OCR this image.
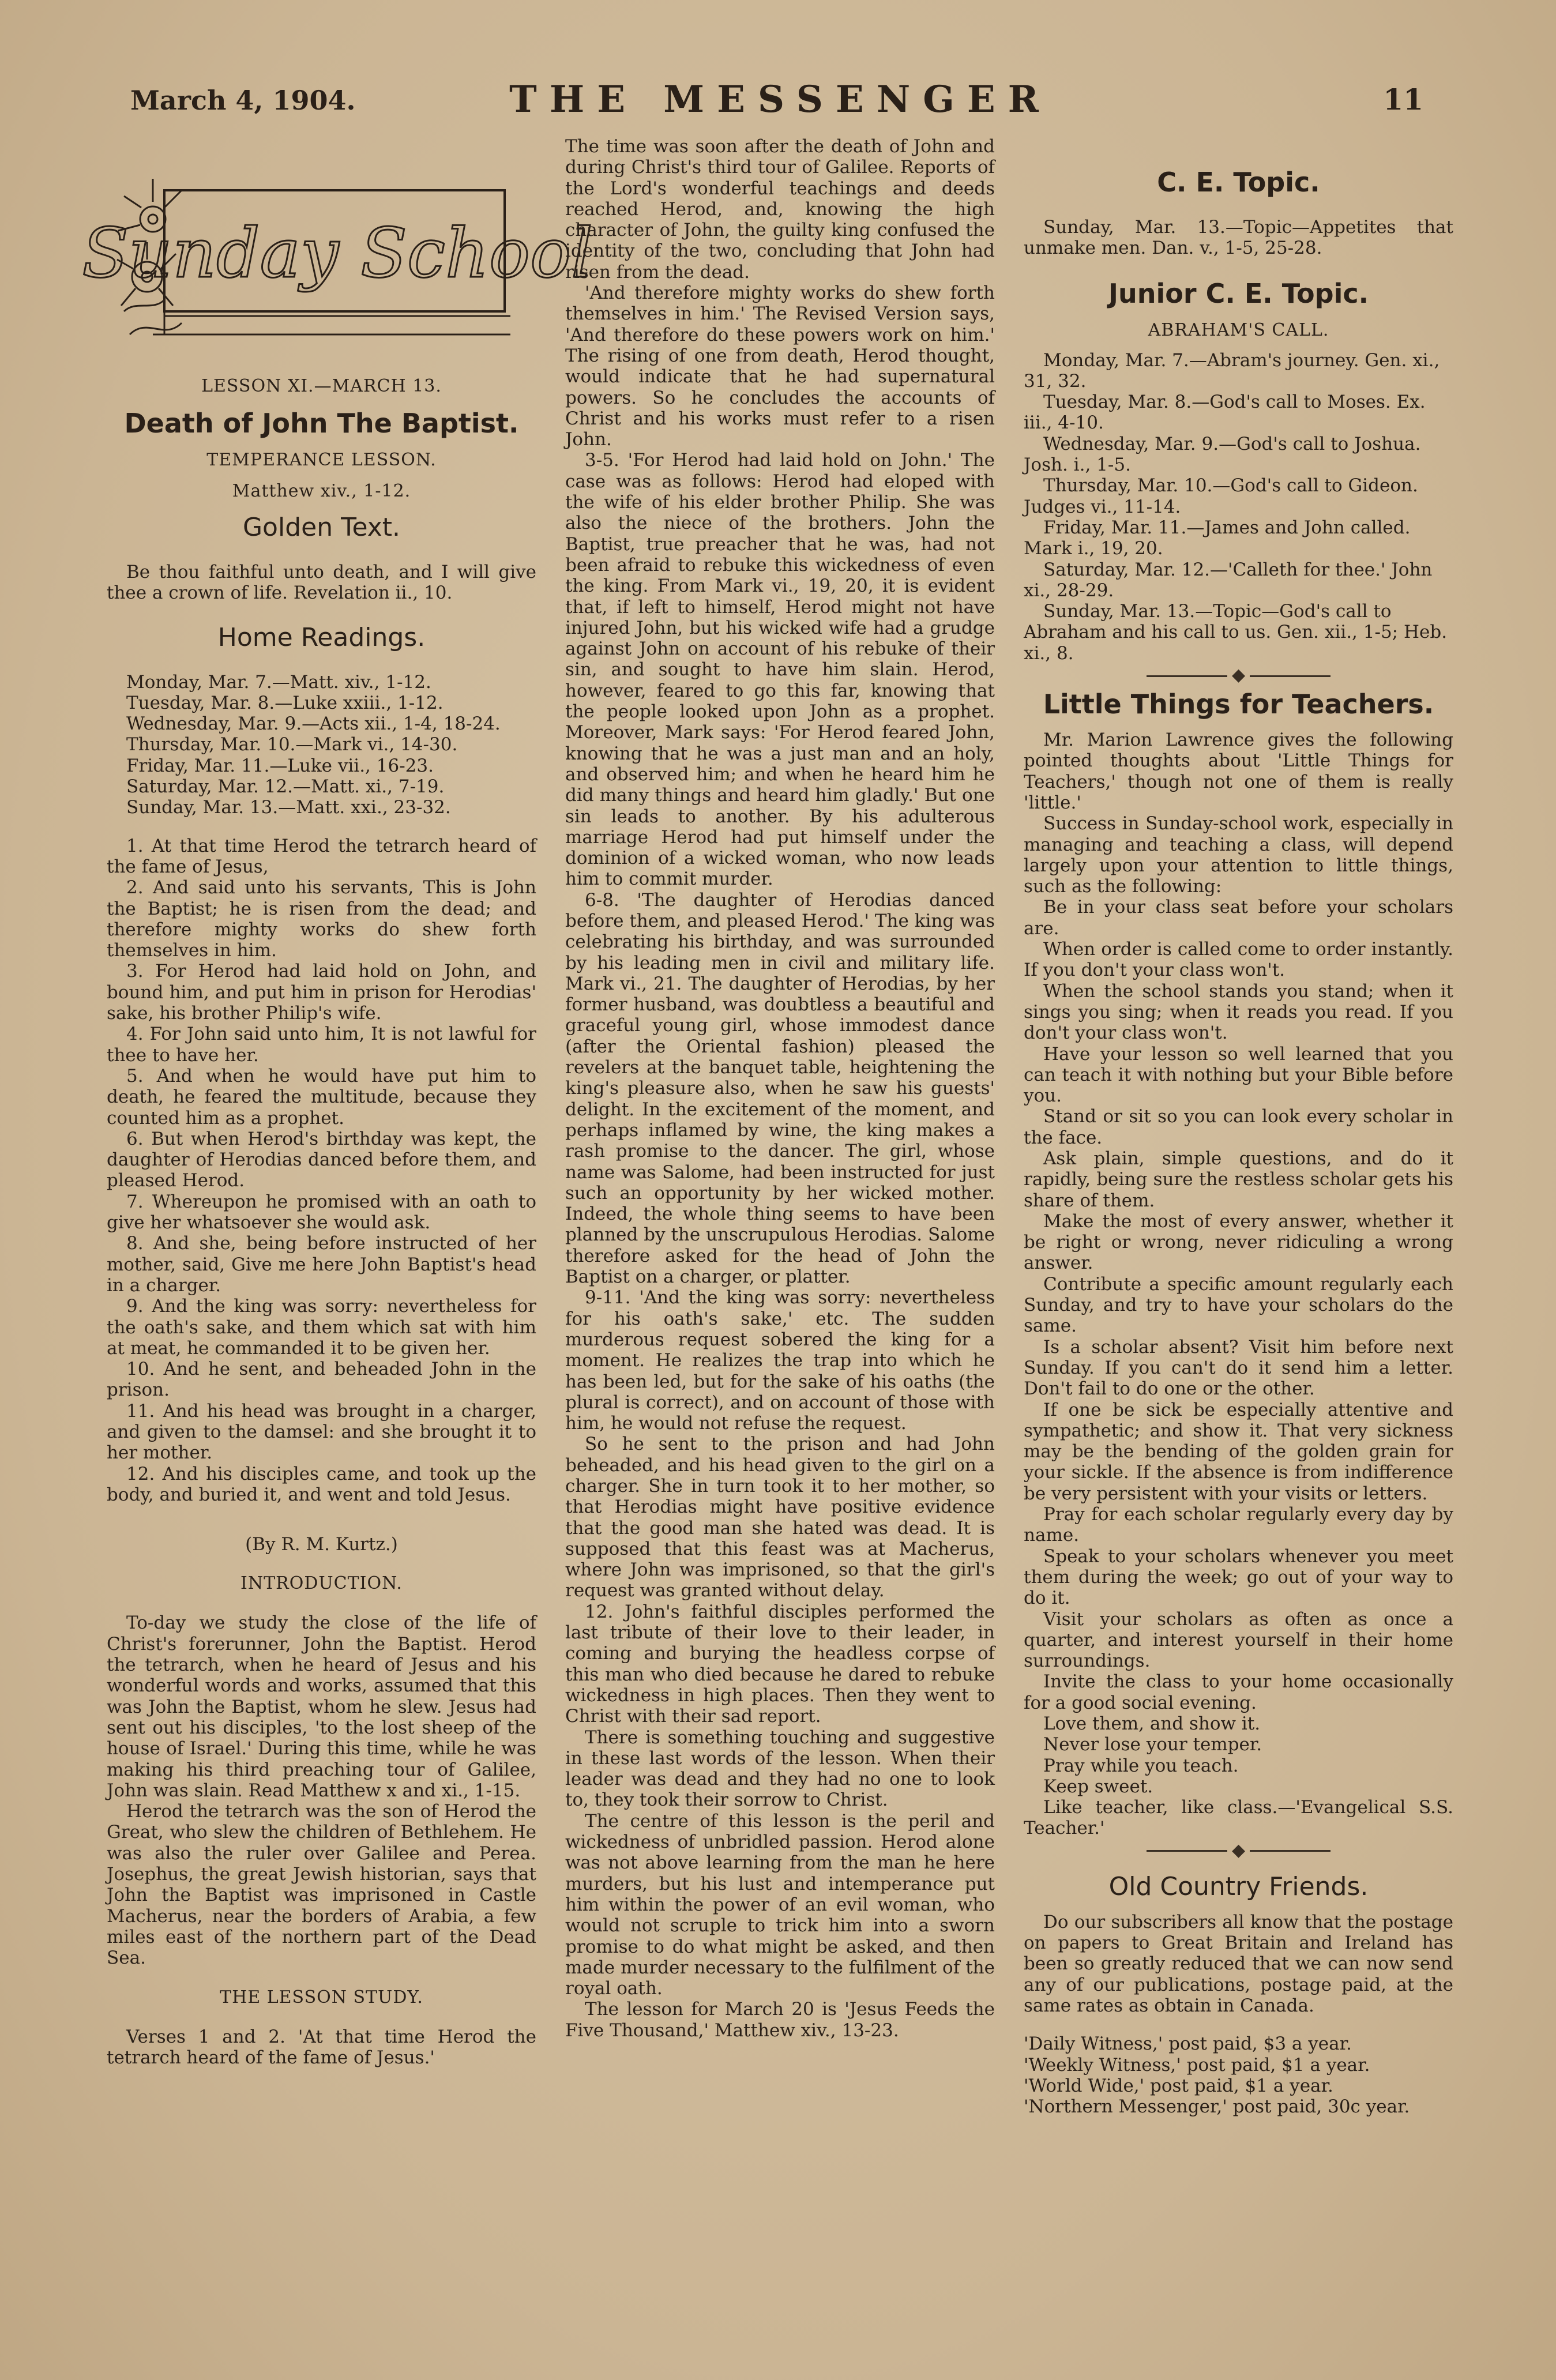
March 4, 1904.	THE MESSENGER	11
Sunday School

LESSON XI.—MARCH 13.

Death of John The Baptist.

TEMPERANCE LESSON.

Matthew xiv., 1-12.

Golden Text.

Be thou faithful unto death, and I will give thee a crown of life. Revelation ii., 10.

Home Readings.

Monday, Mar. 7.—Matt. xiv., 1-12.

Tuesday, Mar. 8.—Luke xxiii., 1-12.

Wednesday, Mar. 9.—Acts xii., 1-4, 18-24.

Thursday, Mar. 10.—Mark vi., 14-30.

Friday, Mar. 11.—Luke vii., 16-23.

Saturday, Mar. 12.—Matt. xi., 7-19.

Sunday, Mar. 13.—Matt. xxi., 23-32.

1. At that time Herod the tetrarch heard of the fame of Jesus,

2. And said unto his servants, This is John the Baptist; he is risen from the dead; and therefore mighty works do shew forth themselves in him.

3. For Herod had laid hold on John, and bound him, and put him in prison for Herodias' sake, his brother Philip's wife.

4. For John said unto him, It is not lawful for thee to have her.

5. And when he would have put him to death, he feared the multitude, because they counted him as a prophet.

6. But when Herod's birthday was kept, the daughter of Herodias danced before them, and pleased Herod.

7. Whereupon he promised with an oath to give her whatsoever she would ask.

8. And she, being before instructed of her mother, said, Give me here John Baptist's head in a charger.

9. And the king was sorry: nevertheless for the oath's sake, and them which sat with him at meat, he commanded it to be given her.

10. And he sent, and beheaded John in the prison.

11. And his head was brought in a charger, and given to the damsel: and she brought it to her mother.

12. And his disciples came, and took up the body, and buried it, and went and told Jesus.

(By R. M. Kurtz.)

INTRODUCTION.

To-day we study the close of the life of Christ's forerunner, John the Baptist. Herod the tetrarch, when he heard of Jesus and his wonderful words and works, assumed that this was John the Baptist, whom he slew. Jesus had sent out his disciples, 'to the lost sheep of the house of Israel.' During this time, while he was making his third preaching tour of Galilee, John was slain. Read Matthew x and xi., 1-15.

Herod the tetrarch was the son of Herod the Great, who slew the children of Bethlehem. He was also the ruler over Galilee and Perea. Josephus, the great Jewish historian, says that John the Baptist was imprisoned in Castle Macherus, near the borders of Arabia, a few miles east of the northern part of the Dead Sea.

THE LESSON STUDY.

Verses 1 and 2. 'At that time Herod the tetrarch heard of the fame of Jesus.'

The time was soon after the death of John and during Christ's third tour of Galilee. Reports of the Lord's wonderful teachings and deeds reached Herod, and, knowing the high character of John, the guilty king confused the identity of the two, concluding that John had risen from the dead.

'And therefore mighty works do shew forth themselves in him.' The Revised Version says, 'And therefore do these powers work on him.' The rising of one from death, Herod thought, would indicate that he had supernatural powers. So he concludes the accounts of Christ and his works must refer to a risen John.

3-5. 'For Herod had laid hold on John.' The case was as follows: Herod had eloped with the wife of his elder brother Philip. She was also the niece of the brothers. John the Baptist, true preacher that he was, had not been afraid to rebuke this wickedness of even the king. From Mark vi., 19, 20, it is evident that, if left to himself, Herod might not have injured John, but his wicked wife had a grudge against John on account of his rebuke of their sin, and sought to have him slain. Herod, however, feared to go this far, knowing that the people looked upon John as a prophet. Moreover, Mark says: 'For Herod feared John, knowing that he was a just man and an holy, and observed him; and when he heard him he did many things and heard him gladly.' But one sin leads to another. By his adulterous marriage Herod had put himself under the dominion of a wicked woman, who now leads him to commit murder.

6-8. 'The daughter of Herodias danced before them, and pleased Herod.' The king was celebrating his birthday, and was surrounded by his leading men in civil and military life. Mark vi., 21. The daughter of Herodias, by her former husband, was doubtless a beautiful and graceful young girl, whose immodest dance (after the Oriental fashion) pleased the revelers at the banquet table, heightening the king's pleasure also, when he saw his guests' delight. In the excitement of the moment, and perhaps inflamed by wine, the king makes a rash promise to the dancer. The girl, whose name was Salome, had been instructed for just such an opportunity by her wicked mother. Indeed, the whole thing seems to have been planned by the unscrupulous Herodias. Salome therefore asked for the head of John the Baptist on a charger, or platter.

9-11. 'And the king was sorry: nevertheless for his oath's sake,' etc. The sudden murderous request sobered the king for a moment. He realizes the trap into which he has been led, but for the sake of his oaths (the plural is correct), and on account of those with him, he would not refuse the request.

So he sent to the prison and had John beheaded, and his head given to the girl on a charger. She in turn took it to her mother, so that Herodias might have positive evidence that the good man she hated was dead. It is supposed that this feast was at Macherus, where John was imprisoned, so that the girl's request was granted without delay.

12. John's faithful disciples performed the last tribute of their love to their leader, in coming and burying the headless corpse of this man who died because he dared to rebuke wickedness in high places. Then they went to Christ with their sad report.

There is something touching and suggestive in these last words of the lesson. When their leader was dead and they had no one to look to, they took their sorrow to Christ.

The centre of this lesson is the peril and wickedness of unbridled passion. Herod alone was not above learning from the man he here murders, but his lust and intemperance put him within the power of an evil woman, who would not scruple to trick him into a sworn promise to do what might be asked, and then made murder necessary to the fulfilment of the royal oath.

The lesson for March 20 is 'Jesus Feeds the Five Thousand,' Matthew xiv., 13-23.

C. E. Topic.

Sunday, Mar. 13.—Topic—Appetites that unmake men. Dan. v., 1-5, 25-28.

Junior C. E. Topic.

ABRAHAM'S CALL.

Monday, Mar. 7.—Abram's journey. Gen. xi., 31, 32.

Tuesday, Mar. 8.—God's call to Moses. Ex. iii., 4-10.

Wednesday, Mar. 9.—God's call to Joshua. Josh. i., 1-5.

Thursday, Mar. 10.—God's call to Gideon. Judges vi., 11-14.

Friday, Mar. 11.—James and John called. Mark i., 19, 20.

Saturday, Mar. 12.—'Calleth for thee.' John xi., 28-29.

Sunday, Mar. 13.—Topic—God's call to Abraham and his call to us. Gen. xii., 1-5; Heb. xi., 8.

◆

Little Things for Teachers.

Mr. Marion Lawrence gives the following pointed thoughts about 'Little Things for Teachers,' though not one of them is really 'little.'

Success in Sunday-school work, especially in managing and teaching a class, will depend largely upon your attention to little things, such as the following:

Be in your class seat before your scholars are.

When order is called come to order instantly. If you don't your class won't.

When the school stands you stand; when it sings you sing; when it reads you read. If you don't your class won't.

Have your lesson so well learned that you can teach it with nothing but your Bible before you.

Stand or sit so you can look every scholar in the face.

Ask plain, simple questions, and do it rapidly, being sure the restless scholar gets his share of them.

Make the most of every answer, whether it be right or wrong, never ridiculing a wrong answer.

Contribute a specific amount regularly each Sunday, and try to have your scholars do the same.

Is a scholar absent? Visit him before next Sunday. If you can't do it send him a letter. Don't fail to do one or the other.

If one be sick be especially attentive and sympathetic; and show it. That very sickness may be the bending of the golden grain for your sickle. If the absence is from indifference be very persistent with your visits or letters.

Pray for each scholar regularly every day by name.

Speak to your scholars whenever you meet them during the week; go out of your way to do it.

Visit your scholars as often as once a quarter, and interest yourself in their home surroundings.

Invite the class to your home occasionally for a good social evening.

Love them, and show it.

Never lose your temper.

Pray while you teach.

Keep sweet.

Like teacher, like class.—'Evangelical S.S. Teacher.'

◆

Old Country Friends.

Do our subscribers all know that the postage on papers to Great Britain and Ireland has been so greatly reduced that we can now send any of our publications, postage paid, at the same rates as obtain in Canada.

'Daily Witness,' post paid, $3 a year.

'Weekly Witness,' post paid, $1 a year.

'World Wide,' post paid, $1 a year.

'Northern Messenger,' post paid, 30c year.
